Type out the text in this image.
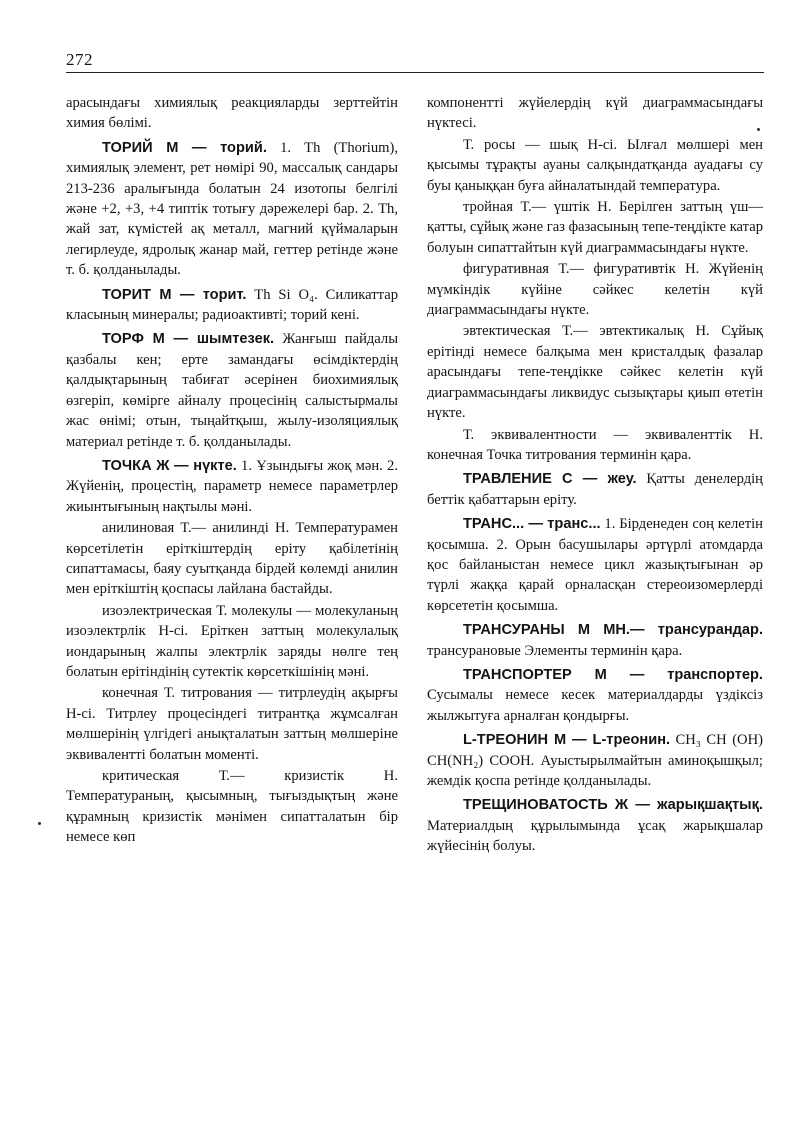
272

арасындағы химиялық реакцияларды зерттейтін химия бөлімі.

ТОРИЙ М — торий. 1. Th (Thorium), химиялық элемент, рет нөмірі 90, массалық сандары 213-236 аралығында болатын 24 изотопы белгілі және +2, +3, +4 типтік тотығу дәрежелері бар. 2. Th, жай зат, күмістей ақ металл, магний қүймаларын легирлеуде, ядролық жанар май, геттер ретінде және т. б. қолданылады.

ТОРИТ М — торит. Th Si O₄. Силикаттар класының минералы; радиоактивті; торий кені.

ТОРФ М — шымтезек. Жанғыш пайдалы қазбалы кен; ерте замандағы өсімдіктердің қалдықтарының табиғат әсерінен биохимиялық өзгеріп, көмірге айналу процесінің салыстырмалы жас өнімі; отын, тыңайтқыш, жылу-изоляциялық материал ретінде т. б. қолданылады.

ТОЧКА Ж — нүкте. 1. Ұзындығы жоқ мән. 2. Жүйенің, процестің, параметр немесе параметрлер жиынтығының нақтылы мәні.

анилиновая Т.— анилинді Н. Температурамен көрсетілетін еріткіштердің еріту қабілетінің сипаттамасы, баяу суытқанда бірдей көлемді анилин мен еріткіштің қоспасы лайлана бастайды.

изоэлектрическая Т. молекулы — молекуланың изоэлектрлік Н-сі. Еріткен заттың молекулалық иондарының жалпы электрлік заряды нөлге тең болатын ерітіндінің сутектік көрсеткішінің мәні.

конечная Т. титрования — титрлеудің ақырғы Н-сі. Титрлеу процесіндегі титрантқа жұмсалған мөлшерінің үлгідегі анықталатын заттың мөлшеріне эквивалентті болатын моменті.

критическая Т.— кризистік Н. Температураның, қысымның, тығыздықтың және құрамның кризистік мәнімен сипатталатын бір немесе көп

компонентті жүйелердің күй диаграммасындағы нүктесі.

Т. росы — шық Н-сі. Ылғал мөлшері мен қысымы тұрақты ауаны салқындатқанда ауадағы су буы қаныққан буға айналатындай температура.

тройная Т.— үштік Н. Берілген заттың үш—қатты, сұйық және газ фазасының тепе-теңдікте катар болуын сипаттайтын күй диаграммасындағы нүкте.

фигуративная Т.— фигуративтік Н. Жүйенің мүмкіндік күйіне сәйкес келетін күй диаграммасындағы нүкте.

эвтектическая Т.— эвтектикалық Н. Сұйық ерітінді немесе балқыма мен кристалдық фазалар арасындағы тепе-теңдікке сәйкес келетін күй диаграммасындағы ликвидус сызықтары қиып өтетін нүкте.

Т. эквивалентности — эквиваленттік Н. конечная Точка титрования терминін қара.

ТРАВЛЕНИЕ С — жеу. Қатты денелердің беттік қабаттарын еріту.

ТРАНС... — транс... 1. Бірденеден соң келетін қосымша. 2. Орын басушылары әртүрлі атомдарда қос байланыстан немесе цикл жазықтығынан әр түрлі жаққа қарай орналасқан стереоизомерлерді көрсететін қосымша.

ТРАНСУРАНЫ М МН.— трансурандар. трансурановые Элементы терминін қара.

ТРАНСПОРТЕР М — транспортер. Сусымалы немесе кесек материалдарды үздіксіз жылжытуға арналған қондырғы.

L-ТРЕОНИН М — L-треонин. CH₃ CH (OH) CH(NH₂) COOH. Ауыстырылмайтын аминоқышқыл; жемдік қоспа ретінде қолданылады.

ТРЕЩИНОВАТОСТЬ Ж — жарықшақтық. Материалдың құрылымында ұсақ жарықшалар жүйесінің болуы.
